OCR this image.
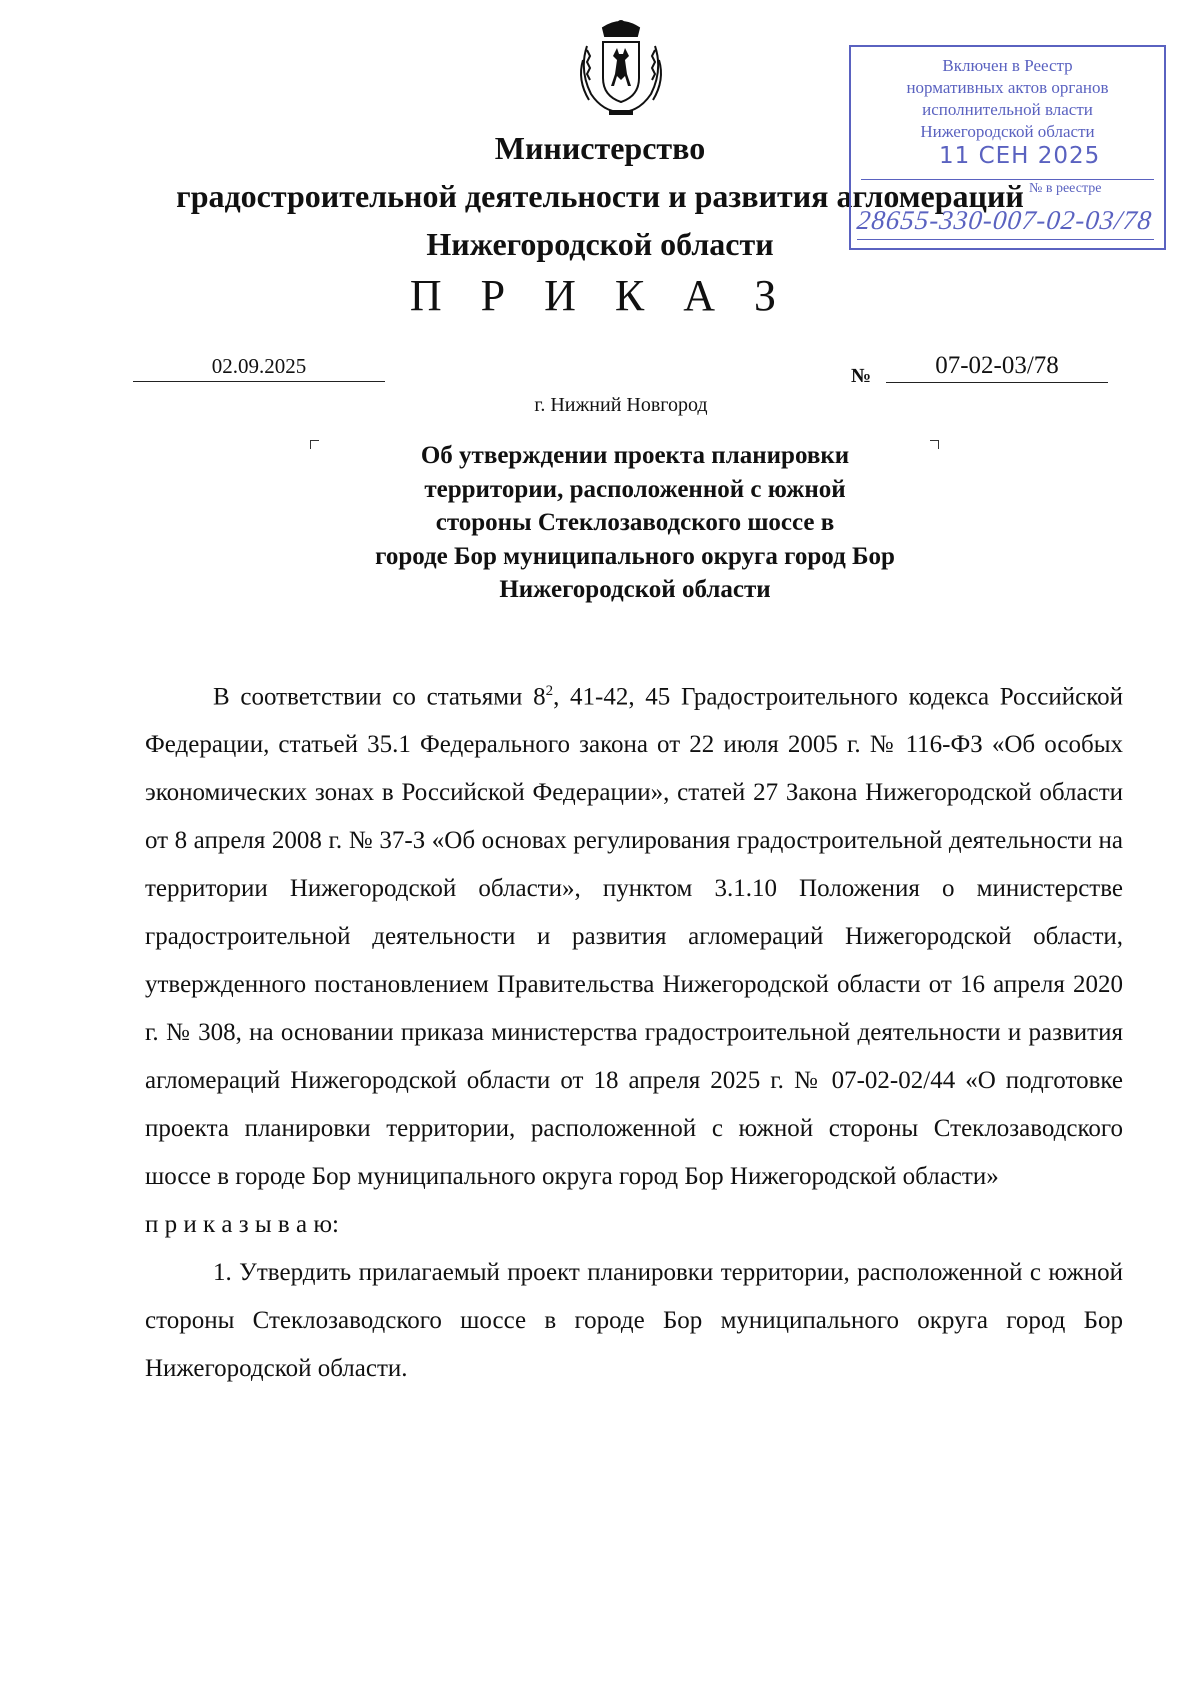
Министерство
градостроительной деятельности и развития агломераций
Нижегородской области
Включен в Реестр
нормативных актов органов
исполнительной власти
Нижегородской области
11 СЕН 2025
№ в реестре
28655-330-007-02-03/78
П Р И К А З
02.09.2025	№	07-02-03/78
г. Нижний Новгород
Об утверждении проекта планировки
территории, расположенной с южной
стороны Стеклозаводского шоссе в
городе Бор муниципального округа город Бор
Нижегородской области

В соответствии со статьями $8^2$, 41-42, 45 Градостроительного кодекса Российской Федерации, статьей 35.1 Федерального закона от 22 июля 2005 г. № 116-ФЗ «Об особых экономических зонах в Российской Федерации», статей 27 Закона Нижегородской области от 8 апреля 2008 г. № 37-З «Об основах регулирования градостроительной деятельности на территории Нижегородской области», пунктом 3.1.10 Положения о министерстве градостроительной деятельности и развития агломераций Нижегородской области, утвержденного постановлением Правительства Нижегородской области от 16 апреля 2020 г. № 308, на основании приказа министерства градостроительной деятельности и развития агломераций Нижегородской области от 18 апреля 2025 г. № 07-02-02/44 «О подготовке проекта планировки территории, расположенной с южной стороны Стеклозаводского шоссе в городе Бор муниципального округа город Бор Нижегородской области»

п р и к а з ы в а ю:

1. Утвердить прилагаемый проект планировки территории, расположенной с южной стороны Стеклозаводского шоссе в городе Бор муниципального округа город Бор Нижегородской области.
